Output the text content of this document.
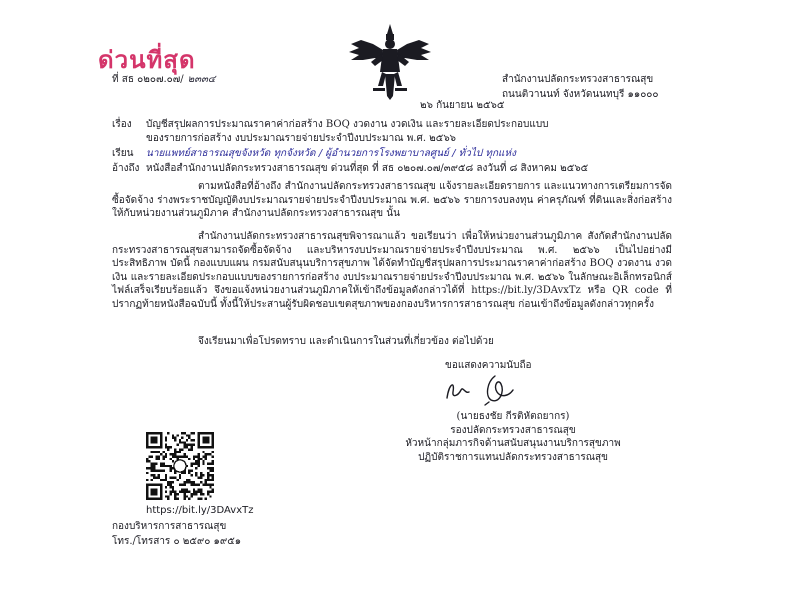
ด่วนที่สุด
ที่ สธ ๐๒๐๗.๐๗/ ๒๓๓๔	สำนักงานปลัดกระทรวงสาธารณสุข
ถนนติวานนท์ จังหวัดนนทบุรี ๑๑๐๐๐
๒๖ กันยายน ๒๕๖๕
เรื่อง บัญชีสรุปผลการประมาณราคาค่าก่อสร้าง BOQ งวดงาน งวดเงิน และรายละเอียดประกอบแบบ
ของรายการก่อสร้าง งบประมาณรายจ่ายประจำปีงบประมาณ พ.ศ. ๒๕๖๖
เรียน นายแพทย์สาธารณสุขจังหวัด ทุกจังหวัด / ผู้อำนวยการโรงพยาบาลศูนย์ / ทั่วไป ทุกแห่ง
อ้างถึง หนังสือสำนักงานปลัดกระทรวงสาธารณสุข ด่วนที่สุด ที่ สธ ๐๒๐๗.๐๗/๓๙๕๘ ลงวันที่ ๘ สิงหาคม ๒๕๖๕

ตามหนังสือที่อ้างถึง สำนักงานปลัดกระทรวงสาธารณสุข แจ้งรายละเอียดรายการ และแนวทางการเตรียมการจัดซื้อจัดจ้าง ร่างพระราชบัญญัติงบประมาณรายจ่ายประจำปีงบประมาณ พ.ศ. ๒๕๖๖ รายการงบลงทุน ค่าครุภัณฑ์ ที่ดินและสิ่งก่อสร้าง ให้กับหน่วยงานส่วนภูมิภาค สำนักงานปลัดกระทรวงสาธารณสุข นั้น

สำนักงานปลัดกระทรวงสาธารณสุขพิจารณาแล้ว ขอเรียนว่า เพื่อให้หน่วยงานส่วนภูมิภาค สังกัดสำนักงานปลัดกระทรวงสาธารณสุขสามารถจัดซื้อจัดจ้าง และบริหารงบประมาณรายจ่ายประจำปีงบประมาณ พ.ศ. ๒๕๖๖ เป็นไปอย่างมีประสิทธิภาพ บัดนี้ กองแบบแผน กรมสนับสนุนบริการสุขภาพ ได้จัดทำบัญชีสรุปผลการประมาณราคาค่าก่อสร้าง BOQ งวดงาน งวดเงิน และรายละเอียดประกอบแบบของรายการก่อสร้าง งบประมาณรายจ่ายประจำปีงบประมาณ พ.ศ. ๒๕๖๖ ในลักษณะอิเล็กทรอนิกส์ไฟล์เสร็จเรียบร้อยแล้ว จึงขอแจ้งหน่วยงานส่วนภูมิภาคให้เข้าถึงข้อมูลดังกล่าวได้ที่ https://bit.ly/3DAvxTz หรือ QR code ที่ปรากฏท้ายหนังสือฉบับนี้ ทั้งนี้ให้ประสานผู้รับผิดชอบเขตสุขภาพของกองบริหารการสาธารณสุข ก่อนเข้าถึงข้อมูลดังกล่าวทุกครั้ง

จึงเรียนมาเพื่อโปรดทราบ และดำเนินการในส่วนที่เกี่ยวข้อง ต่อไปด้วย

ขอแสดงความนับถือ
(นายธงชัย กีรติหัตถยากร)
รองปลัดกระทรวงสาธารณสุข
หัวหน้ากลุ่มภารกิจด้านสนับสนุนงานบริการสุขภาพ
ปฏิบัติราชการแทนปลัดกระทรวงสาธารณสุข
https://bit.ly/3DAvxTz
กองบริหารการสาธารณสุข
โทร./โทรสาร ๐ ๒๕๙๐ ๑๙๕๑
